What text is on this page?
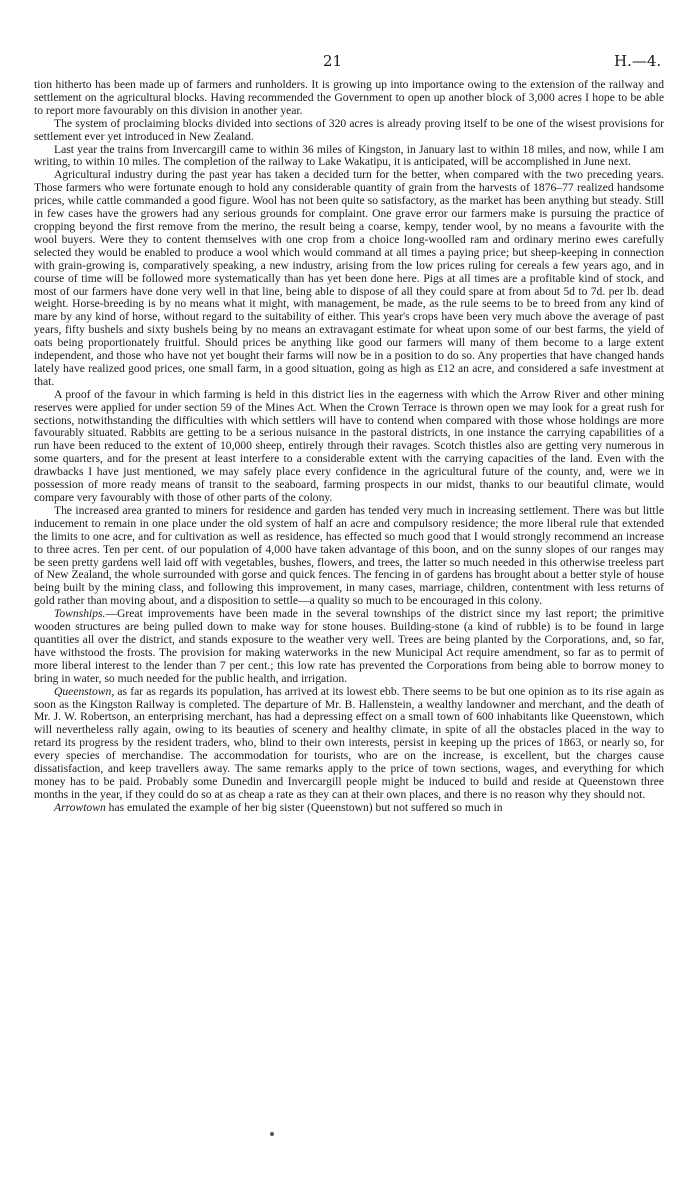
21	H.—4.

tion hitherto has been made up of farmers and runholders. It is growing up into importance owing to the extension of the railway and settlement on the agricultural blocks. Having recommended the Government to open up another block of 3,000 acres I hope to be able to report more favourably on this division in another year.

The system of proclaiming blocks divided into sections of 320 acres is already proving itself to be one of the wisest provisions for settlement ever yet introduced in New Zealand.

Last year the trains from Invercargill came to within 36 miles of Kingston, in January last to within 18 miles, and now, while I am writing, to within 10 miles. The completion of the railway to Lake Wakatipu, it is anticipated, will be accomplished in June next.

Agricultural industry during the past year has taken a decided turn for the better, when compared with the two preceding years. Those farmers who were fortunate enough to hold any considerable quantity of grain from the harvests of 1876–77 realized handsome prices, while cattle commanded a good figure. Wool has not been quite so satisfactory, as the market has been anything but steady. Still in few cases have the growers had any serious grounds for complaint. One grave error our farmers make is pursuing the practice of cropping beyond the first remove from the merino, the result being a coarse, kempy, tender wool, by no means a favourite with the wool buyers. Were they to content themselves with one crop from a choice long-woolled ram and ordinary merino ewes carefully selected they would be enabled to produce a wool which would command at all times a paying price; but sheep-keeping in connection with grain-growing is, comparatively speaking, a new industry, arising from the low prices ruling for cereals a few years ago, and in course of time will be followed more systematically than has yet been done here. Pigs at all times are a profitable kind of stock, and most of our farmers have done very well in that line, being able to dispose of all they could spare at from about 5d to 7d. per lb. dead weight. Horse-breeding is by no means what it might, with management, be made, as the rule seems to be to breed from any kind of mare by any kind of horse, without regard to the suitability of either. This year's crops have been very much above the average of past years, fifty bushels and sixty bushels being by no means an extravagant estimate for wheat upon some of our best farms, the yield of oats being proportionately fruitful. Should prices be anything like good our farmers will many of them become to a large extent independent, and those who have not yet bought their farms will now be in a position to do so. Any properties that have changed hands lately have realized good prices, one small farm, in a good situation, going as high as £12 an acre, and considered a safe investment at that.

A proof of the favour in which farming is held in this district lies in the eagerness with which the Arrow River and other mining reserves were applied for under section 59 of the Mines Act. When the Crown Terrace is thrown open we may look for a great rush for sections, notwithstanding the difficulties with which settlers will have to contend when compared with those whose holdings are more favourably situated. Rabbits are getting to be a serious nuisance in the pastoral districts, in one instance the carrying capabilities of a run have been reduced to the extent of 10,000 sheep, entirely through their ravages. Scotch thistles also are getting very numerous in some quarters, and for the present at least interfere to a considerable extent with the carrying capacities of the land. Even with the drawbacks I have just mentioned, we may safely place every confidence in the agricultural future of the county, and, were we in possession of more ready means of transit to the seaboard, farming prospects in our midst, thanks to our beautiful climate, would compare very favourably with those of other parts of the colony.

The increased area granted to miners for residence and garden has tended very much in increasing settlement. There was but little inducement to remain in one place under the old system of half an acre and compulsory residence; the more liberal rule that extended the limits to one acre, and for cultivation as well as residence, has effected so much good that I would strongly recommend an increase to three acres. Ten per cent. of our population of 4,000 have taken advantage of this boon, and on the sunny slopes of our ranges may be seen pretty gardens well laid off with vegetables, bushes, flowers, and trees, the latter so much needed in this otherwise treeless part of New Zealand, the whole surrounded with gorse and quick fences. The fencing in of gardens has brought about a better style of house being built by the mining class, and following this improvement, in many cases, marriage, children, contentment with less returns of gold rather than moving about, and a disposition to settle—a quality so much to be encouraged in this colony.

Townships.—Great improvements have been made in the several townships of the district since my last report; the primitive wooden structures are being pulled down to make way for stone houses. Building-stone (a kind of rubble) is to be found in large quantities all over the district, and stands exposure to the weather very well. Trees are being planted by the Corporations, and, so far, have withstood the frosts. The provision for making waterworks in the new Municipal Act require amendment, so far as to permit of more liberal interest to the lender than 7 per cent.; this low rate has prevented the Corporations from being able to borrow money to bring in water, so much needed for the public health, and irrigation.

Queenstown, as far as regards its population, has arrived at its lowest ebb. There seems to be but one opinion as to its rise again as soon as the Kingston Railway is completed. The departure of Mr. B. Hallenstein, a wealthy landowner and merchant, and the death of Mr. J. W. Robertson, an enterprising merchant, has had a depressing effect on a small town of 600 inhabitants like Queenstown, which will nevertheless rally again, owing to its beauties of scenery and healthy climate, in spite of all the obstacles placed in the way to retard its progress by the resident traders, who, blind to their own interests, persist in keeping up the prices of 1863, or nearly so, for every species of merchandise. The accommodation for tourists, who are on the increase, is excellent, but the charges cause dissatisfaction, and keep travellers away. The same remarks apply to the price of town sections, wages, and everything for which money has to be paid. Probably some Dunedin and Invercargill people might be induced to build and reside at Queenstown three months in the year, if they could do so at as cheap a rate as they can at their own places, and there is no reason why they should not.

Arrowtown has emulated the example of her big sister (Queenstown) but not suffered so much in
